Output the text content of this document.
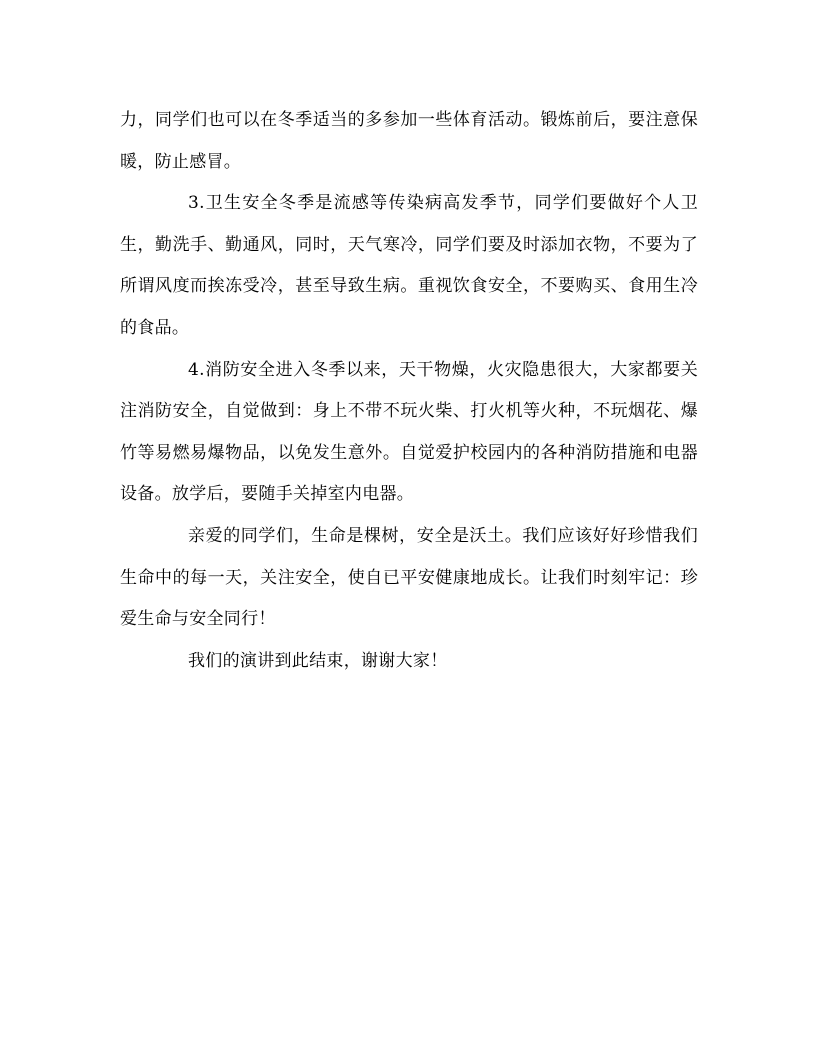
力，同学们也可以在冬季适当的多参加一些体育活动。锻炼前后，要注意保暖，防止感冒。

3.卫生安全冬季是流感等传染病高发季节，同学们要做好个人卫生，勤洗手、勤通风，同时，天气寒冷，同学们要及时添加衣物，不要为了所谓风度而挨冻受冷，甚至导致生病。重视饮食安全，不要购买、食用生冷的食品。

4.消防安全进入冬季以来，天干物燥，火灾隐患很大，大家都要关注消防安全，自觉做到：身上不带不玩火柴、打火机等火种，不玩烟花、爆竹等易燃易爆物品，以免发生意外。自觉爱护校园内的各种消防措施和电器设备。放学后，要随手关掉室内电器。

亲爱的同学们，生命是棵树，安全是沃土。我们应该好好珍惜我们生命中的每一天，关注安全，使自已平安健康地成长。让我们时刻牢记：珍爱生命与安全同行！

我们的演讲到此结束，谢谢大家！
